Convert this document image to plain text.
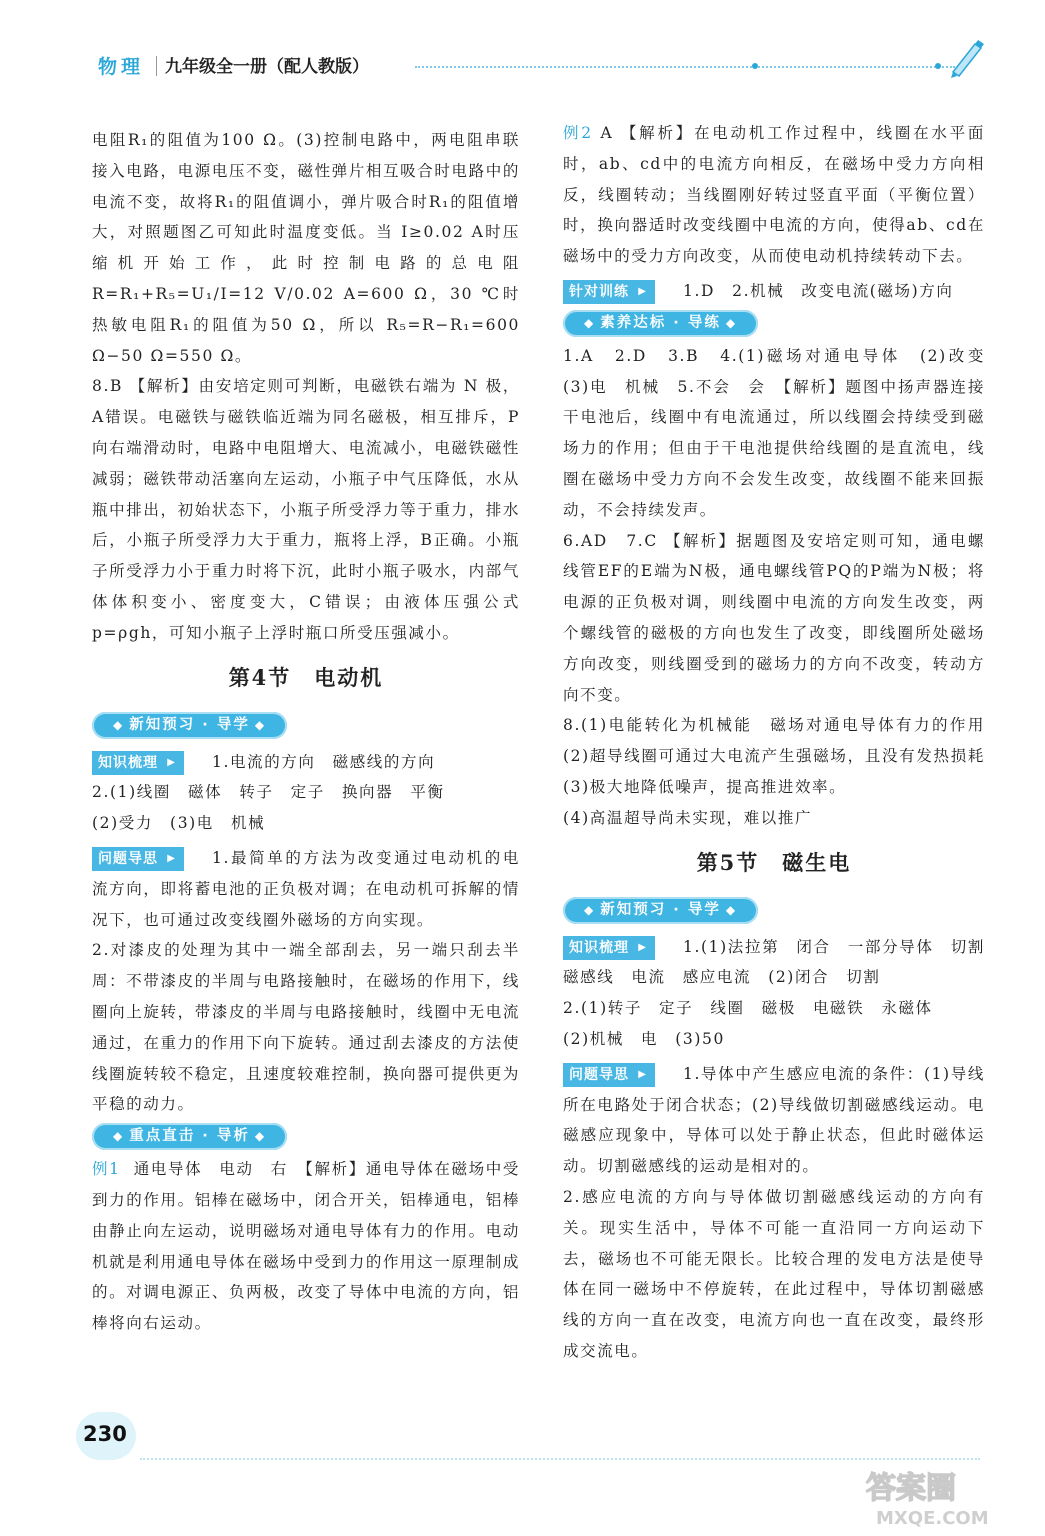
物理 九年级全一册（配人教版）

电阻R₁的阻值为100 Ω。(3)控制电路中，两电阻串联接入电路，电源电压不变，磁性弹片相互吸合时电路中的电流不变，故将R₁的阻值调小，弹片吸合时R₁的阻值增大，对照题图乙可知此时温度变低。当 I≥0.02 A时压缩机开始工作，此时控制电路的总电阻 R=R₁+R₅=U₁/I=12 V/0.02 A=600 Ω，30 ℃时热敏电阻R₁的阻值为50 Ω，所以 R₅=R−R₁=600 Ω−50 Ω=550 Ω。

8.B 【解析】由安培定则可判断，电磁铁右端为 N 极，A错误。电磁铁与磁铁临近端为同名磁极，相互排斥，P向右端滑动时，电路中电阻增大、电流减小，电磁铁磁性减弱；磁铁带动活塞向左运动，小瓶子中气压降低，水从瓶中排出，初始状态下，小瓶子所受浮力等于重力，排水后，小瓶子所受浮力大于重力，瓶将上浮，B正确。小瓶子所受浮力小于重力时将下沉，此时小瓶子吸水，内部气体体积变小、密度变大，C错误；由液体压强公式 p=ρgh，可知小瓶子上浮时瓶口所受压强减小。

第4节　电动机
◆ 新知预习 · 导学 ◆
知识梳理 ▶	1.电流的方向　磁感线的方向

2.(1)线圈　磁体　转子　定子　换向器　平衡

(2)受力　(3)电　机械

问题导思 ▶	1.最简单的方法为改变通过电动机的电流方向，即将蓄电池的正负极对调；在电动机可拆解的情况下，也可通过改变线圈外磁场的方向实现。

2.对漆皮的处理为其中一端全部刮去，另一端只刮去半周：不带漆皮的半周与电路接触时，在磁场的作用下，线圈向上旋转，带漆皮的半周与电路接触时，线圈中无电流通过，在重力的作用下向下旋转。通过刮去漆皮的方法使线圈旋转较不稳定，且速度较难控制，换向器可提供更为平稳的动力。

◆ 重点直击 · 导析 ◆

例1 通电导体　电动　右　【解析】通电导体在磁场中受到力的作用。铝棒在磁场中，闭合开关，铝棒通电，铝棒由静止向左运动，说明磁场对通电导体有力的作用。电动机就是利用通电导体在磁场中受到力的作用这一原理制成的。对调电源正、负两极，改变了导体中电流的方向，铝棒将向右运动。

例2 A 【解析】在电动机工作过程中，线圈在水平面时，ab、cd中的电流方向相反，在磁场中受力方向相反，线圈转动；当线圈刚好转过竖直平面（平衡位置）时，换向器适时改变线圈中电流的方向，使得ab、cd在磁场中的受力方向改变，从而使电动机持续转动下去。

针对训练 ▶	1.D　2.机械　改变电流(磁场)方向
◆ 素养达标 · 导练 ◆

1.A　2.D　3.B　4.(1)磁场对通电导体　(2)改变　(3)电　机械　5.不会　会　【解析】题图中扬声器连接干电池后，线圈中有电流通过，所以线圈会持续受到磁场力的作用；但由于干电池提供给线圈的是直流电，线圈在磁场中受力方向不会发生改变，故线圈不能来回振动，不会持续发声。

6.AD　7.C 【解析】据题图及安培定则可知，通电螺线管EF的E端为N极，通电螺线管PQ的P端为N极；将电源的正负极对调，则线圈中电流的方向发生改变，两个螺线管的磁极的方向也发生了改变，即线圈所处磁场方向改变，则线圈受到的磁场力的方向不改变，转动方向不变。

8.(1)电能转化为机械能　磁场对通电导体有力的作用　(2)超导线圈可通过大电流产生强磁场，且没有发热损耗　(3)极大地降低噪声，提高推进效率。

(4)高温超导尚未实现，难以推广

第5节　磁生电
◆ 新知预习 · 导学 ◆
知识梳理 ▶	1.(1)法拉第　闭合　一部分导体　切割磁感线　电流　感应电流　(2)闭合　切割

2.(1)转子　定子　线圈　磁极　电磁铁　永磁体

(2)机械　电　(3)50

问题导思 ▶	1.导体中产生感应电流的条件：(1)导线所在电路处于闭合状态；(2)导线做切割磁感线运动。电磁感应现象中，导体可以处于静止状态，但此时磁体运动。切割磁感线的运动是相对的。

2.感应电流的方向与导体做切割磁感线运动的方向有关。现实生活中，导体不可能一直沿同一方向运动下去，磁场也不可能无限长。比较合理的发电方法是使导体在同一磁场中不停旋转，在此过程中，导体切割磁感线的方向一直在改变，电流方向也一直在改变，最终形成交流电。

230
答案圈
MXQE.COM
